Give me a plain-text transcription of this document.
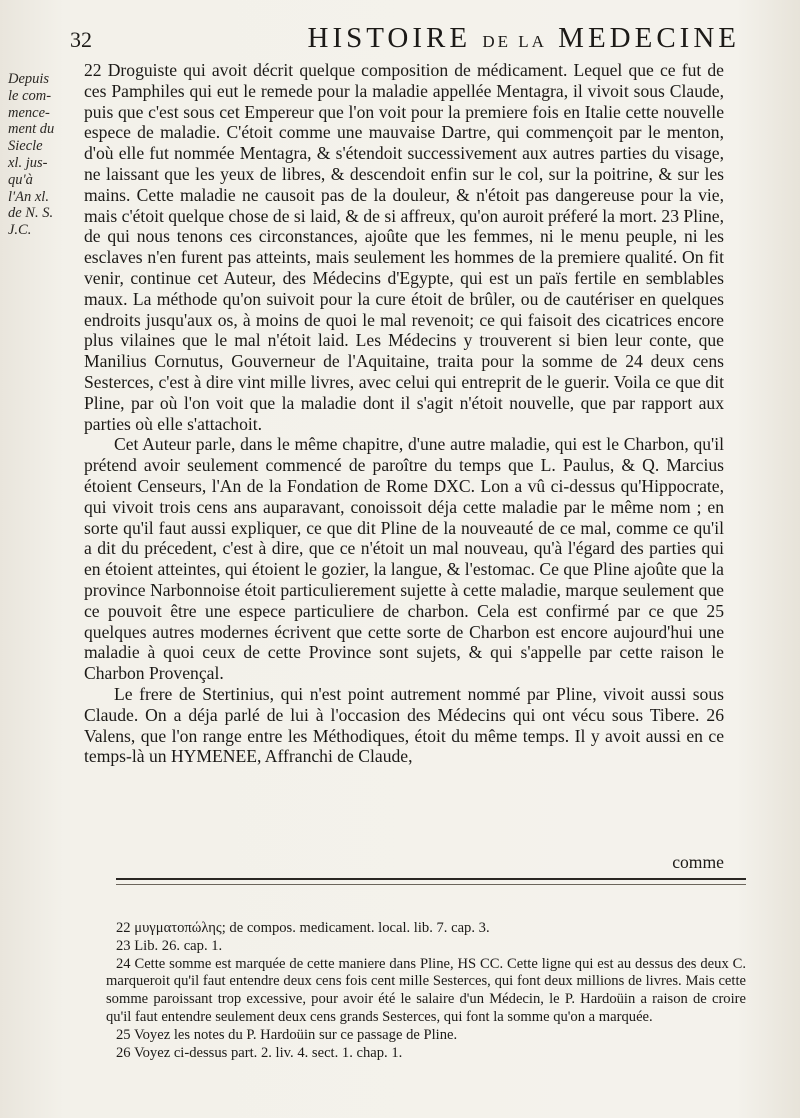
32	HISTOIRE DE LA MEDECINE
Depuis
le com-
mence-
ment du
Siecle
xl. jus-
qu'à
l'An xl.
de N. S.
J.C.

22 Droguiste qui avoit décrit quelque composition de médicament. Lequel que ce fut de ces Pamphiles qui eut le remede pour la maladie appellée Mentagra, il vivoit sous Claude, puis que c'est sous cet Empereur que l'on voit pour la premiere fois en Italie cette nouvelle espece de maladie. C'étoit comme une mauvaise Dartre, qui commençoit par le menton, d'où elle fut nommée Mentagra, & s'étendoit successivement aux autres parties du visage, ne laissant que les yeux de libres, & descendoit enfin sur le col, sur la poitrine, & sur les mains. Cette maladie ne causoit pas de la douleur, & n'étoit pas dangereuse pour la vie, mais c'étoit quelque chose de si laid, & de si affreux, qu'on auroit préferé la mort. 23 Pline, de qui nous tenons ces circonstances, ajoûte que les femmes, ni le menu peuple, ni les esclaves n'en furent pas atteints, mais seulement les hommes de la premiere qualité. On fit venir, continue cet Auteur, des Médecins d'Egypte, qui est un païs fertile en semblables maux. La méthode qu'on suivoit pour la cure étoit de brûler, ou de cautériser en quelques endroits jusqu'aux os, à moins de quoi le mal revenoit; ce qui faisoit des cicatrices encore plus vilaines que le mal n'étoit laid. Les Médecins y trouverent si bien leur conte, que Manilius Cornutus, Gouverneur de l'Aquitaine, traita pour la somme de 24 deux cens Sesterces, c'est à dire vint mille livres, avec celui qui entreprit de le guerir. Voila ce que dit Pline, par où l'on voit que la maladie dont il s'agit n'étoit nouvelle, que par rapport aux parties où elle s'attachoit.

Cet Auteur parle, dans le même chapitre, d'une autre maladie, qui est le Charbon, qu'il prétend avoir seulement commencé de paroître du temps que L. Paulus, & Q. Marcius étoient Censeurs, l'An de la Fondation de Rome DXC. Lon a vû ci-dessus qu'Hippocrate, qui vivoit trois cens ans auparavant, conoissoit déja cette maladie par le même nom ; en sorte qu'il faut aussi expliquer, ce que dit Pline de la nouveauté de ce mal, comme ce qu'il a dit du précedent, c'est à dire, que ce n'étoit un mal nouveau, qu'à l'égard des parties qui en étoient atteintes, qui étoient le gozier, la langue, & l'estomac. Ce que Pline ajoûte que la province Narbonnoise étoit particulierement sujette à cette maladie, marque seulement que ce pouvoit être une espece particuliere de charbon. Cela est confirmé par ce que 25 quelques autres modernes écrivent que cette sorte de Charbon est encore aujourd'hui une maladie à quoi ceux de cette Province sont sujets, & qui s'appelle par cette raison le Charbon Provençal.

Le frere de Stertinius, qui n'est point autrement nommé par Pline, vivoit aussi sous Claude. On a déja parlé de lui à l'occasion des Médecins qui ont vécu sous Tibere. 26 Valens, que l'on range entre les Méthodiques, étoit du même temps. Il y avoit aussi en ce temps-là un HYMENEE, Affranchi de Claude,

comme

22 μυγματοπώλης; de compos. medicament. local. lib. 7. cap. 3.

23 Lib. 26. cap. 1.

24 Cette somme est marquée de cette maniere dans Pline, HS CC. Cette ligne qui est au dessus des deux C. marqueroit qu'il faut entendre deux cens fois cent mille Sesterces, qui font deux millions de livres. Mais cette somme paroissant trop excessive, pour avoir été le salaire d'un Médecin, le P. Hardoüin a raison de croire qu'il faut entendre seulement deux cens grands Sesterces, qui font la somme qu'on a marquée.

25 Voyez les notes du P. Hardoüin sur ce passage de Pline.

26 Voyez ci-dessus part. 2. liv. 4. sect. 1. chap. 1.
